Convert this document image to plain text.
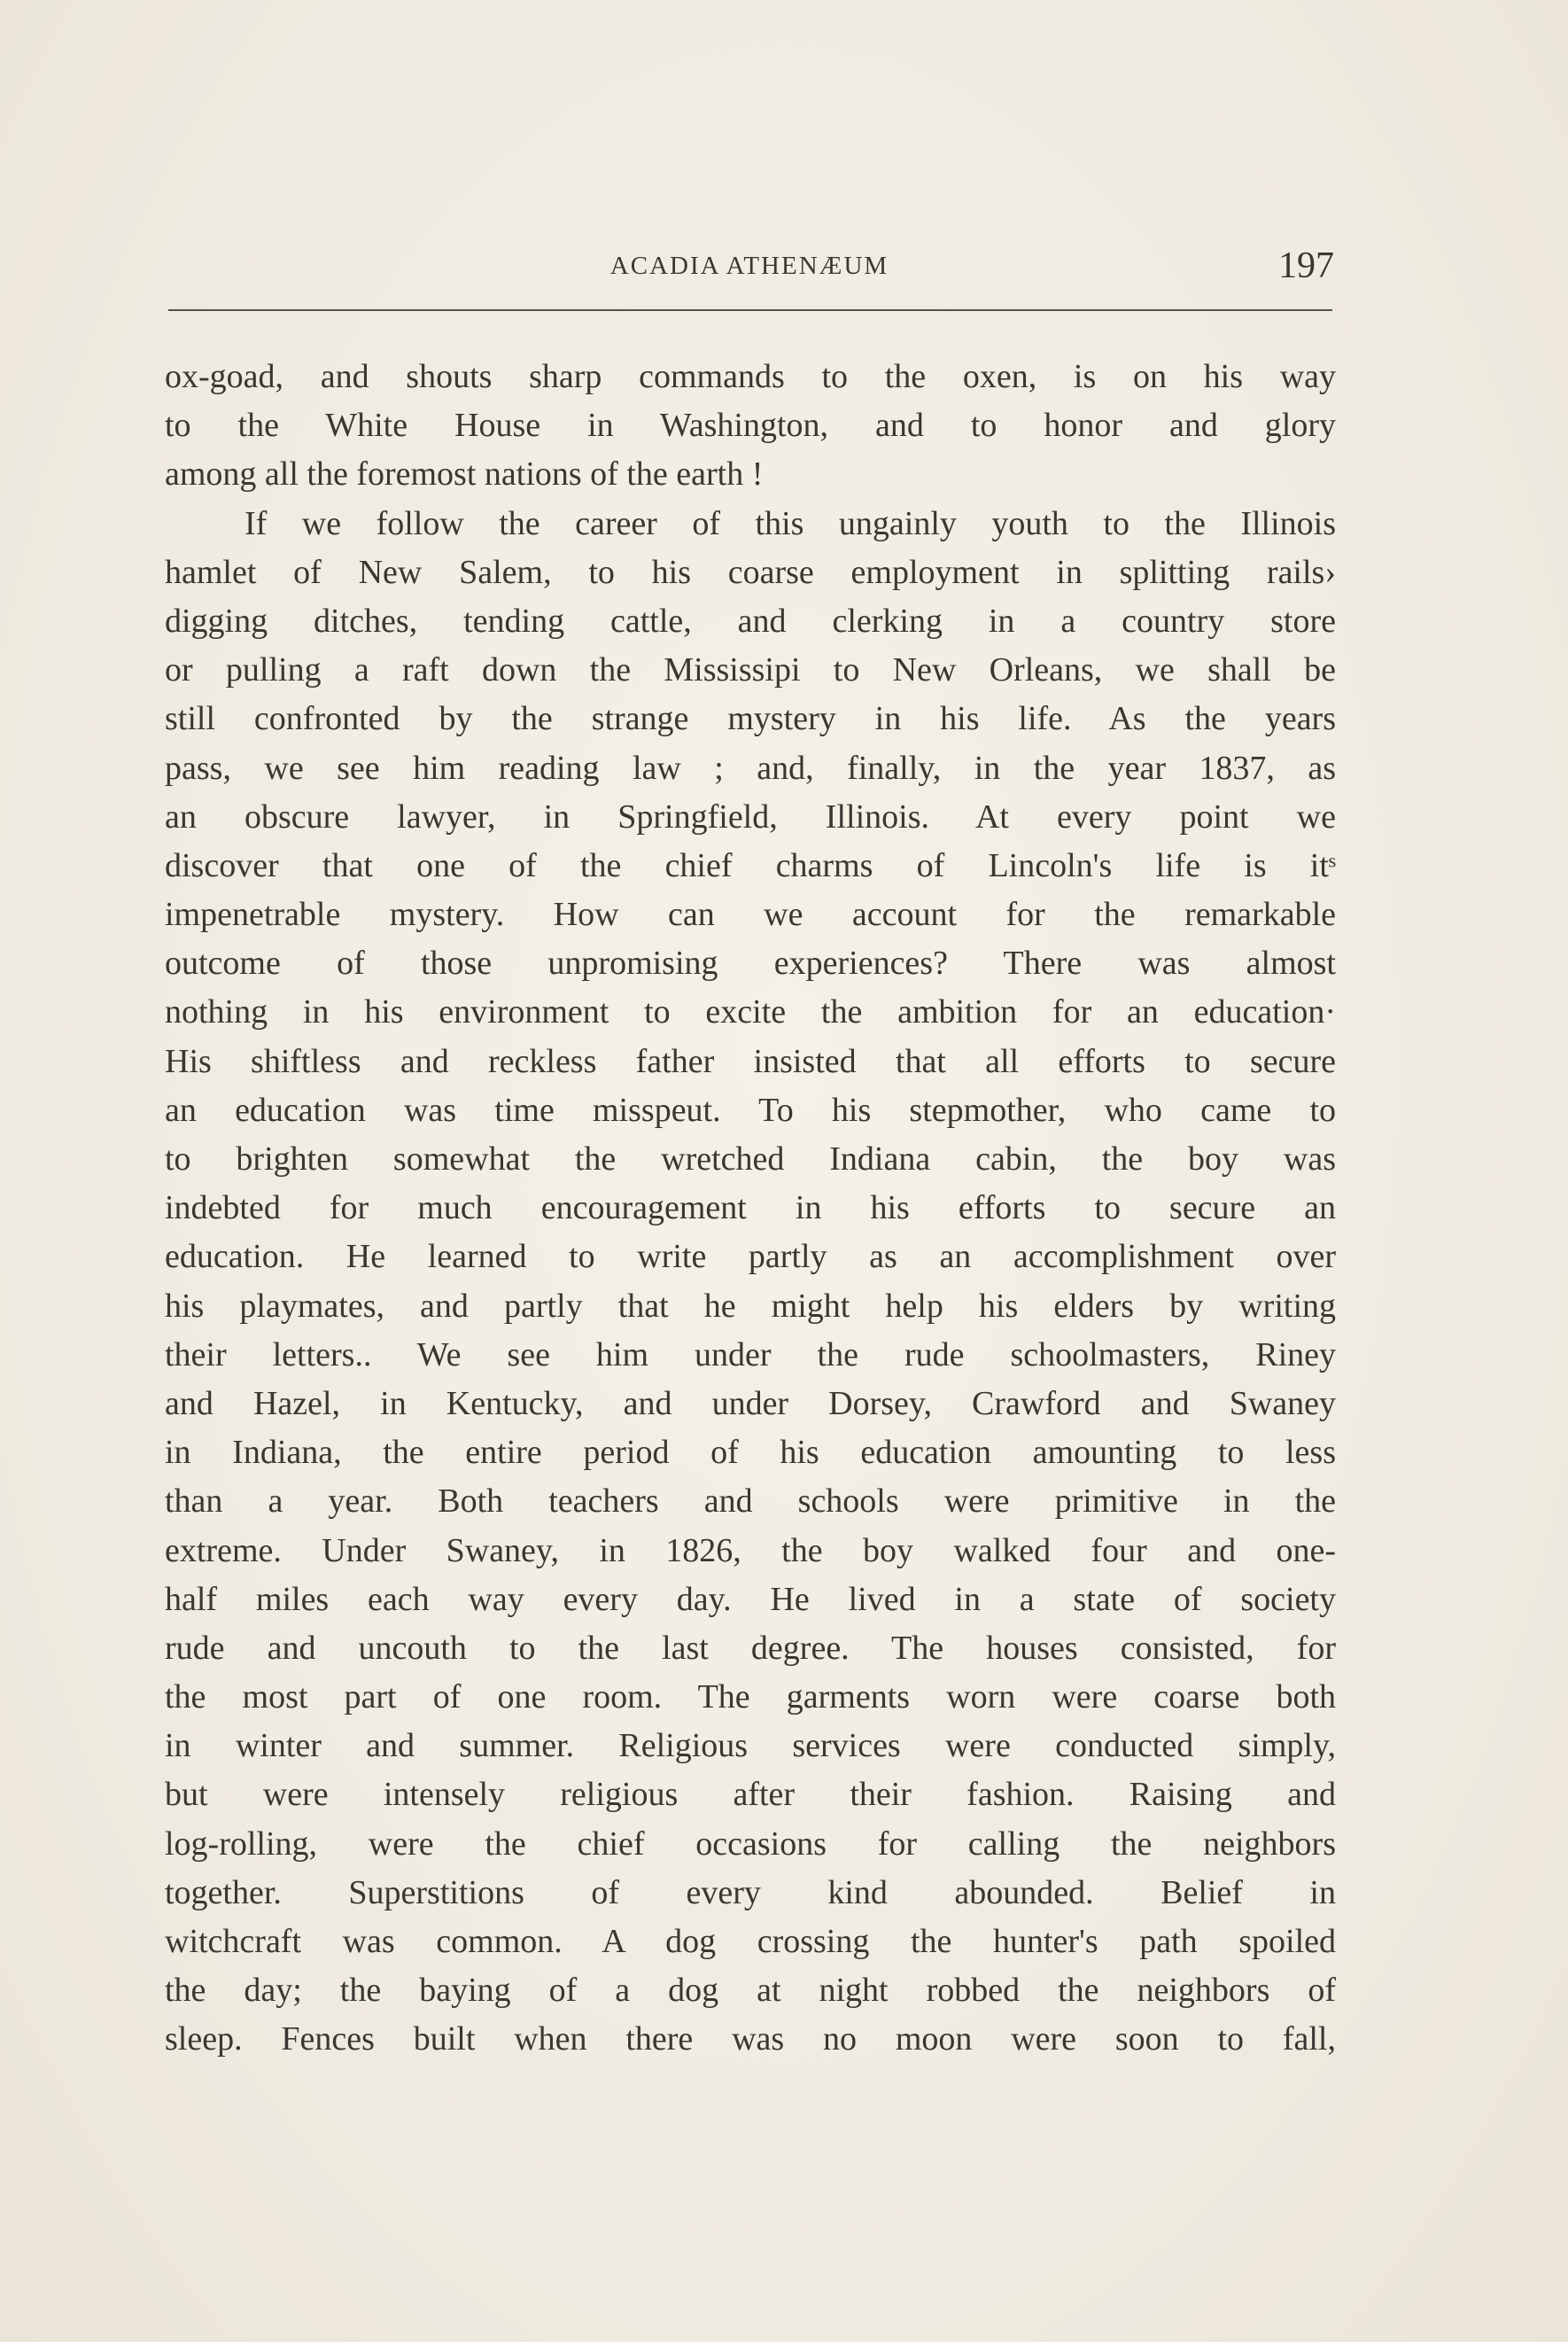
ACADIA ATHENÆUM	197
ox-goad, and shouts sharp commands to the oxen, is on his way
to the White House in Washington, and to honor and glory
among all the foremost nations of the earth !
If we follow the career of this ungainly youth to the Illinois
hamlet of New Salem, to his coarse employment in splitting rails›
digging ditches, tending cattle, and clerking in a country store
or pulling a raft down the Mississipi to New Orleans, we shall be
still confronted by the strange mystery in his life. As the years
pass, we see him reading law ; and, finally, in the year 1837, as
an obscure lawyer, in Springfield, Illinois. At every point we
discover that one of the chief charms of Lincoln's life is itˢ
impenetrable mystery. How can we account for the remarkable
outcome of those unpromising experiences? There was almost
nothing in his environment to excite the ambition for an education·
His shiftless and reckless father insisted that all efforts to secure
an education was time misspeut. To his stepmother, who came to
to brighten somewhat the wretched Indiana cabin, the boy was
indebted for much encouragement in his efforts to secure an
education. He learned to write partly as an accomplishment over
his playmates, and partly that he might help his elders by writing
their letters.. We see him under the rude schoolmasters, Riney
and Hazel, in Kentucky, and under Dorsey, Crawford and Swaney
in Indiana, the entire period of his education amounting to less
than a year. Both teachers and schools were primitive in the
extreme. Under Swaney, in 1826, the boy walked four and one-
half miles each way every day. He lived in a state of society
rude and uncouth to the last degree. The houses consisted, for
the most part of one room. The garments worn were coarse both
in winter and summer. Religious services were conducted simply,
but were intensely religious after their fashion. Raising and
log-rolling, were the chief occasions for calling the neighbors
together. Superstitions of every kind abounded. Belief in
witchcraft was common. A dog crossing the hunter's path spoiled
the day; the baying of a dog at night robbed the neighbors of
sleep. Fences built when there was no moon were soon to fall,
